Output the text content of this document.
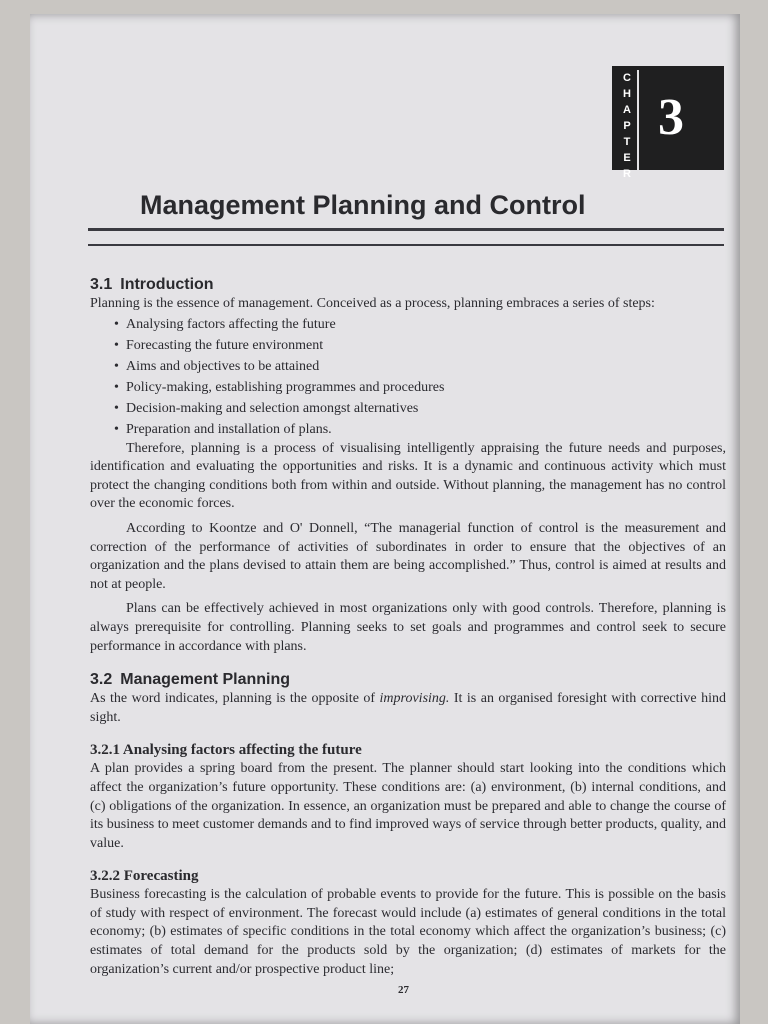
C
H
A
P
T
E
R
3
Management Planning and Control
3.1 Introduction

Planning is the essence of management. Conceived as a process, planning embraces a series of steps:

• Analysing factors affecting the future
• Forecasting the future environment
• Aims and objectives to be attained
• Policy-making, establishing programmes and procedures
• Decision-making and selection amongst alternatives
• Preparation and installation of plans.

Therefore, planning is a process of visualising intelligently appraising the future needs and purposes, identification and evaluating the opportunities and risks. It is a dynamic and continuous activity which must protect the changing conditions both from within and outside. Without planning, the management has no control over the economic forces.

According to Koontze and O' Donnell, “The managerial function of control is the measurement and correction of the performance of activities of subordinates in order to ensure that the objectives of an organization and the plans devised to attain them are being accomplished.” Thus, control is aimed at results and not at people.

Plans can be effectively achieved in most organizations only with good controls. Therefore, planning is always prerequisite for controlling. Planning seeks to set goals and programmes and control seek to secure performance in accordance with plans.

3.2 Management Planning

As the word indicates, planning is the opposite of improvising. It is an organised foresight with corrective hind sight.

3.2.1 Analysing factors affecting the future

A plan provides a spring board from the present. The planner should start looking into the conditions which affect the organization’s future opportunity. These conditions are: (a) environment, (b) internal conditions, and (c) obligations of the organization. In essence, an organization must be prepared and able to change the course of its business to meet customer demands and to find improved ways of service through better products, quality, and value.

3.2.2 Forecasting

Business forecasting is the calculation of probable events to provide for the future. This is possible on the basis of study with respect of environment. The forecast would include (a) estimates of general conditions in the total economy; (b) estimates of specific conditions in the total economy which affect the organization’s business; (c) estimates of total demand for the products sold by the organization; (d) estimates of markets for the organization’s current and/or prospective product line;

27
